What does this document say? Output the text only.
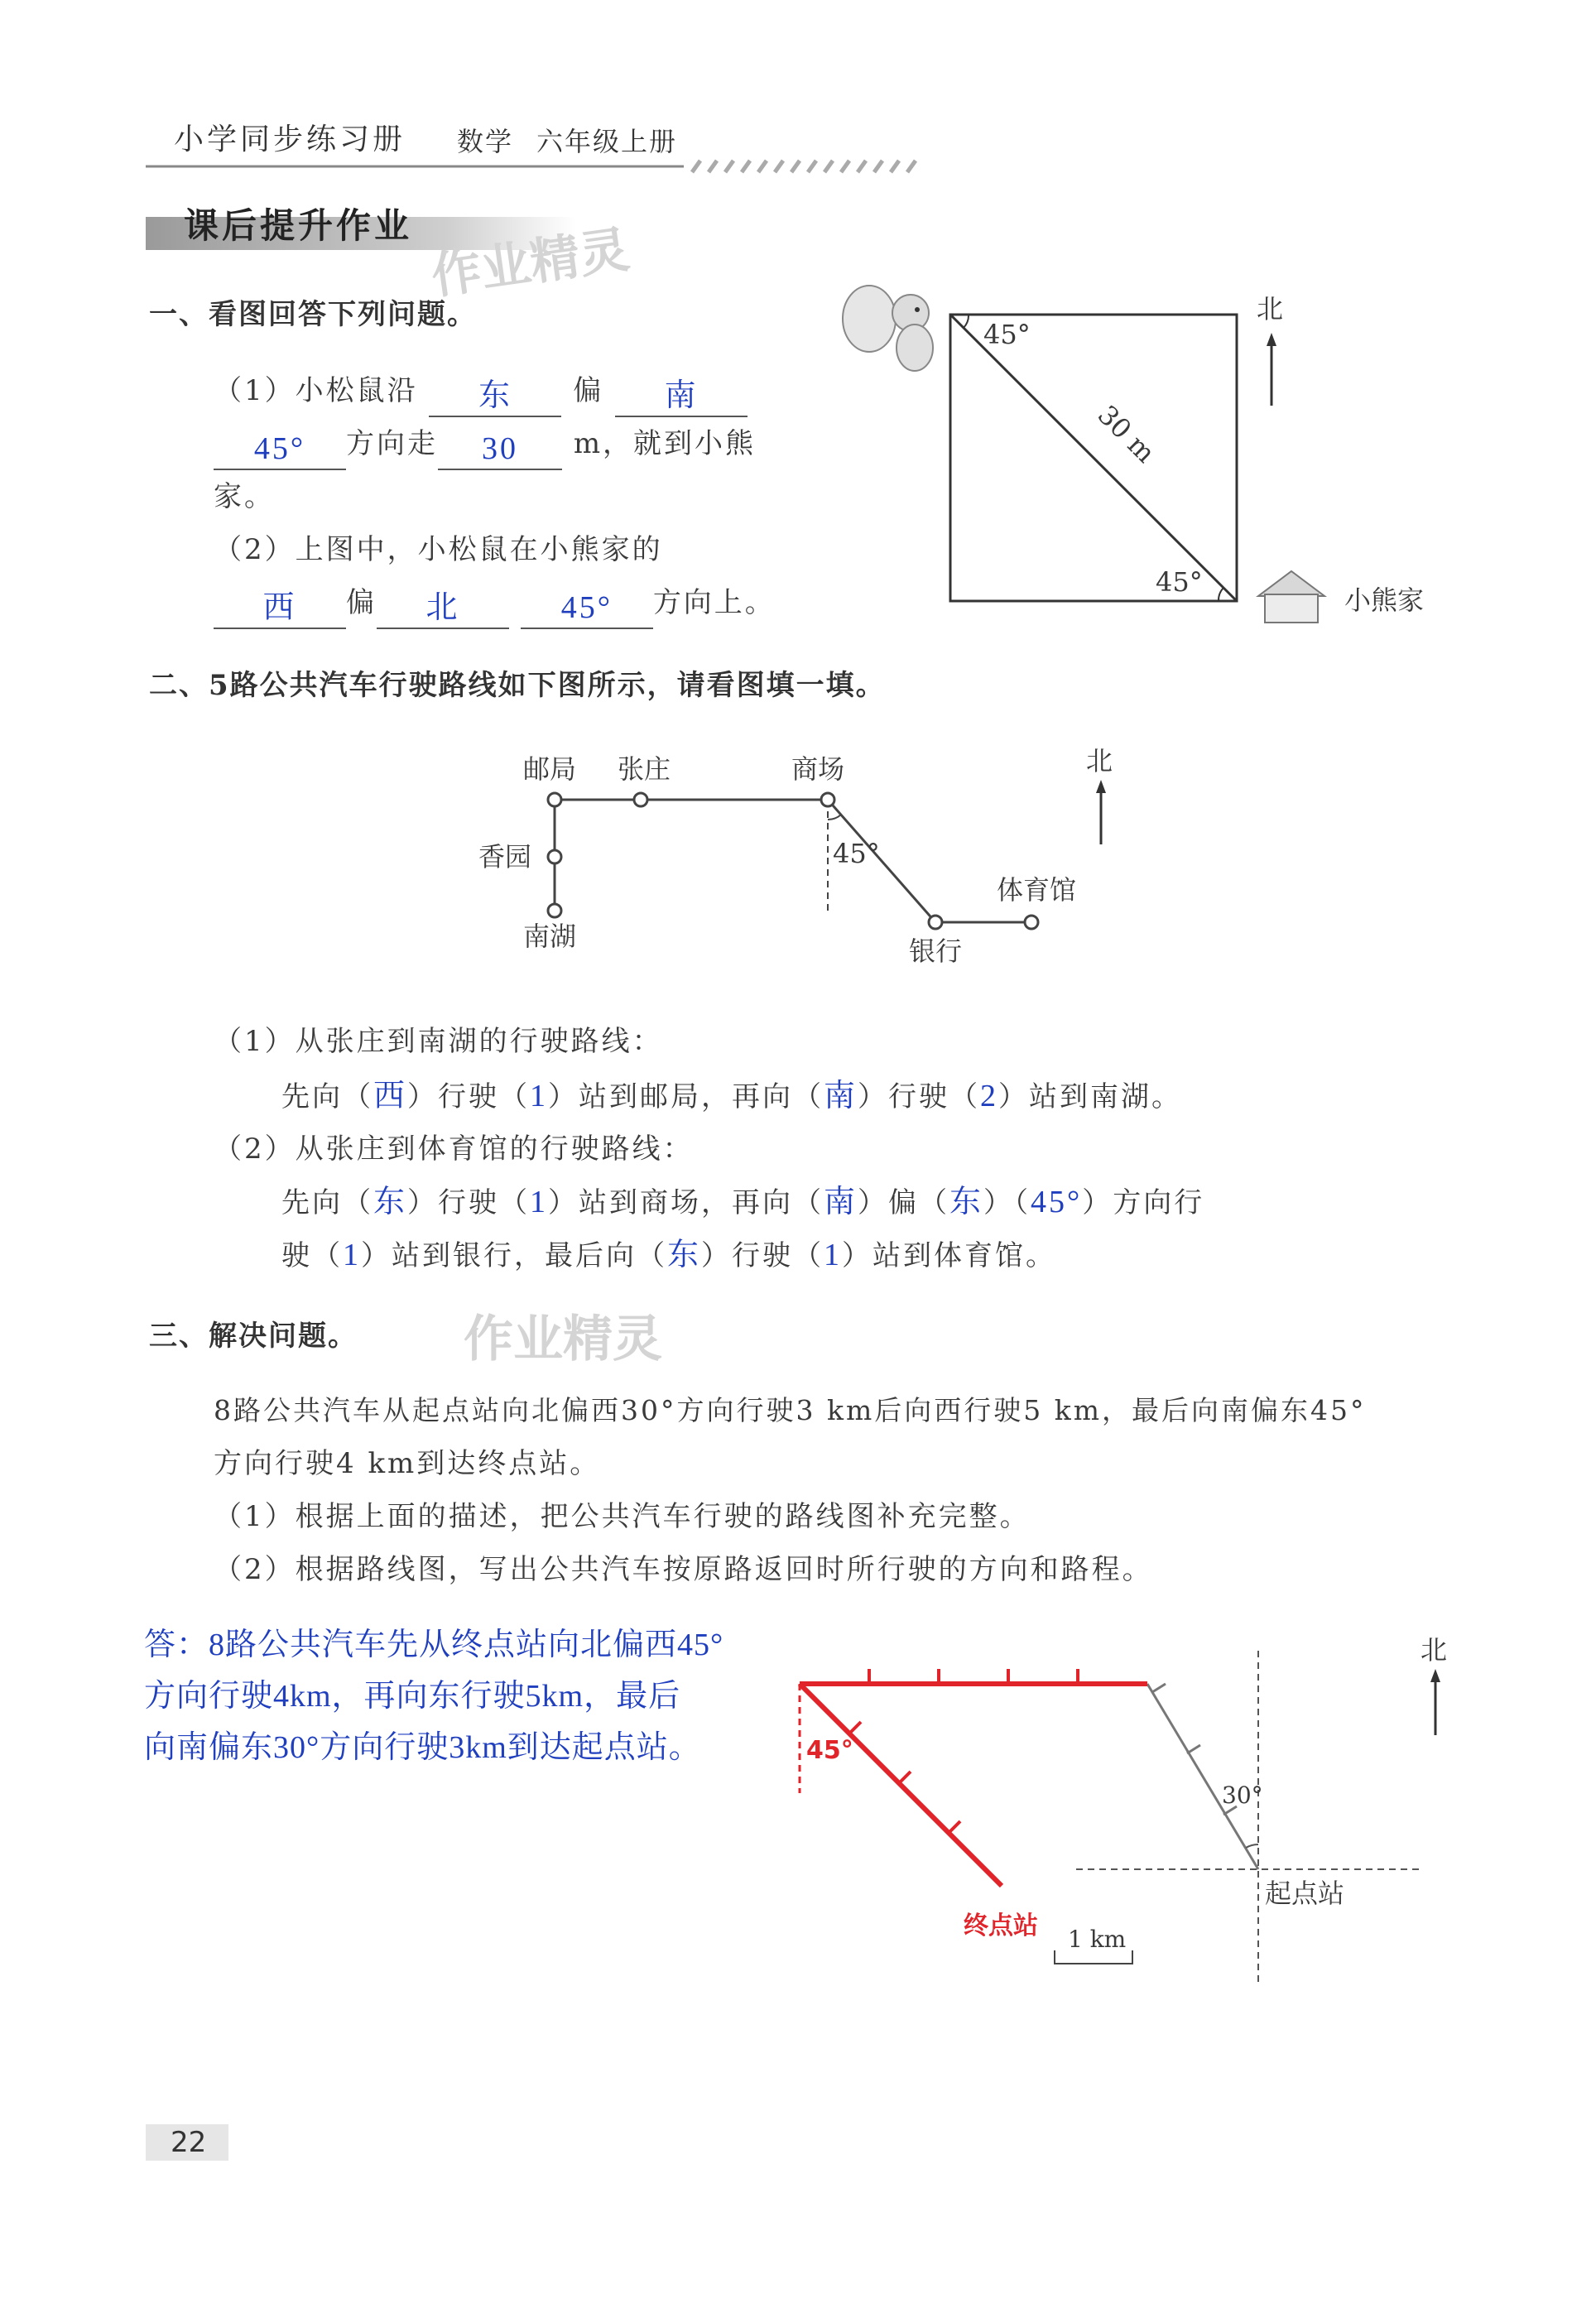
小学同步练习册 数学 六年级上册
课后提升作业 作业精灵
一、看图回答下列问题。
（1）小松鼠沿 东 偏 南
45° 方向走 30 m，就到小熊
家。
（2）上图中，小松鼠在小熊家的
西 偏 北	45° 方向上。
45°
45°
30 m
北
小熊家
二、5路公共汽车行驶路线如下图所示，请看图填一填。
邮局 张庄	商场
香园
南湖	银行
体育馆
45°
北
（1）从张庄到南湖的行驶路线：
先向（西）行驶（1）站到邮局，再向（南）行驶（2）站到南湖。
（2）从张庄到体育馆的行驶路线：
先向（东）行驶（1）站到商场，再向（南）偏（东）（45°）方向行
驶（1）站到银行，最后向（东）行驶（1）站到体育馆。
三、解决问题。 作业精灵
8路公共汽车从起点站向北偏西30°方向行驶3 km后向西行驶5 km，最后向南偏东45°
方向行驶4 km到达终点站。
（1）根据上面的描述，把公共汽车行驶的路线图补充完整。
（2）根据路线图，写出公共汽车按原路返回时所行驶的方向和路程。
答：8路公共汽车先从终点站向北偏西45°
方向行驶4km，再向东行驶5km，最后
向南偏东30°方向行驶3km到达起点站。
30°
45°
终点站
起点站
1 km
北
22
